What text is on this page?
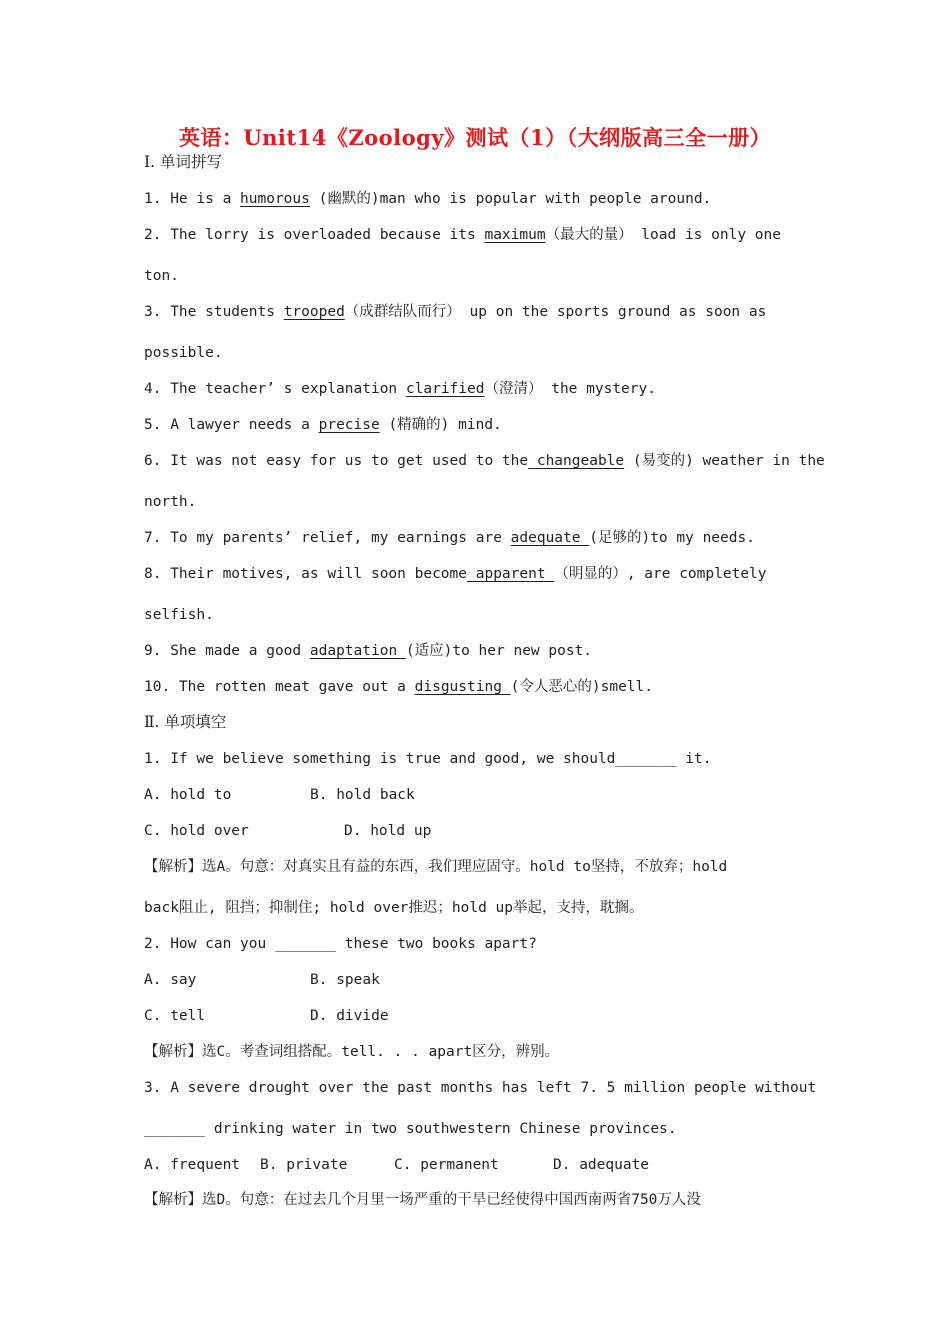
英语：Unit14《Zoology》测试（1）（大纲版高三全一册）
Ⅰ. 单词拼写
1. He is a humorous (幽默的)man who is popular with people around.
2. The lorry is overloaded because its maximum（最大的量） load is only one
ton.
3. The students trooped（成群结队而行） up on the sports ground as soon as
possible.
4. The teacher’ s explanation clarified（澄清） the mystery.
5. A lawyer needs a precise (精确的) mind.
6. It was not easy for us to get used to the changeable (易变的) weather in the
north.
7. To my parents’ relief, my earnings are adequate (足够的)to my needs.
8. Their motives, as will soon become apparent （明显的）, are completely
selfish.
9. She made a good adaptation (适应)to her new post.
10. The rotten meat gave out a disgusting (令人恶心的)smell.
Ⅱ. 单项填空
1. If we believe something is true and good, we should_______ it.
A. hold to	B. hold back
C. hold over	D. hold up
【解析】选A。句意：对真实且有益的东西，我们理应固守。hold to坚持，不放弃；hold
back阻止, 阻挡；抑制住; hold over推迟；hold up举起，支持，耽搁。
2. How can you _______ these two books apart?
A. say	B. speak
C. tell	D. divide
【解析】选C。考查词组搭配。tell. . . apart区分，辨别。
3. A severe drought over the past months has left 7. 5 million people without
_______ drinking water in two southwestern Chinese provinces.
A. frequent B. private	C. permanent	D. adequate
【解析】选D。句意：在过去几个月里一场严重的干旱已经使得中国西南两省750万人没
